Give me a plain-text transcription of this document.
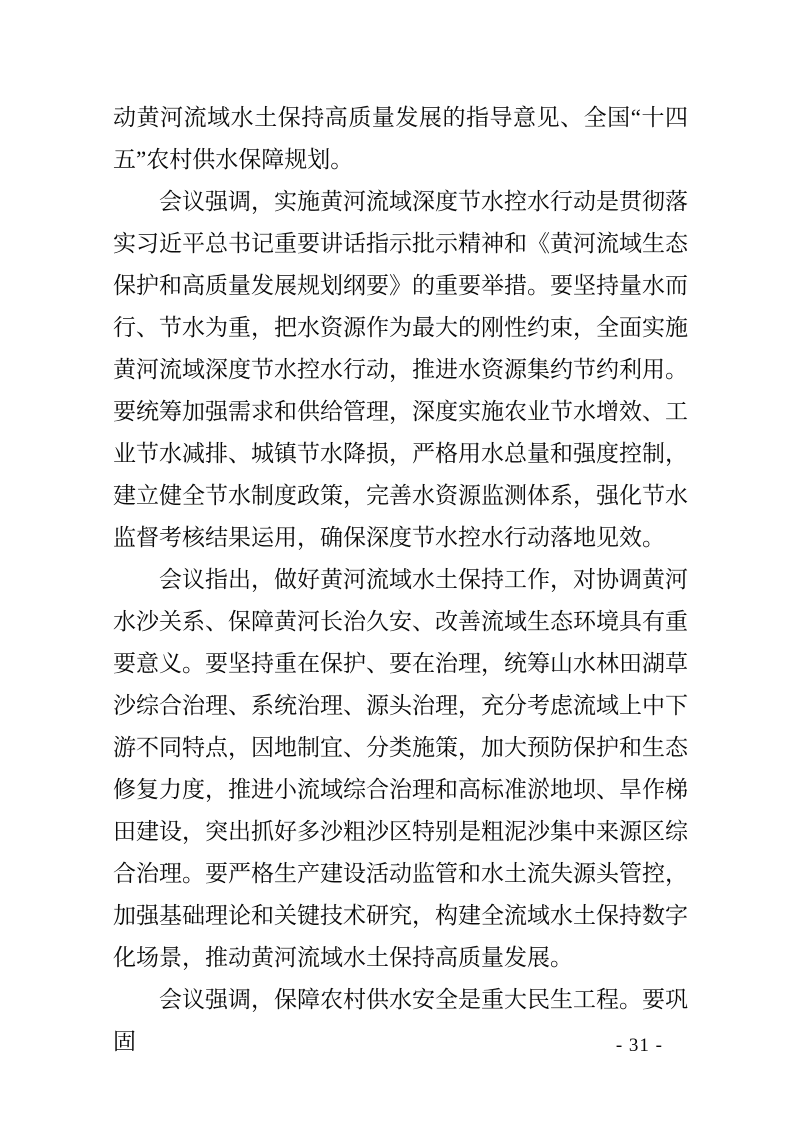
动黄河流域水土保持高质量发展的指导意见、全国“十四五”农村供水保障规划。

会议强调，实施黄河流域深度节水控水行动是贯彻落实习近平总书记重要讲话指示批示精神和《黄河流域生态保护和高质量发展规划纲要》的重要举措。要坚持量水而行、节水为重，把水资源作为最大的刚性约束，全面实施黄河流域深度节水控水行动，推进水资源集约节约利用。要统筹加强需求和供给管理，深度实施农业节水增效、工业节水减排、城镇节水降损，严格用水总量和强度控制，建立健全节水制度政策，完善水资源监测体系，强化节水监督考核结果运用，确保深度节水控水行动落地见效。

会议指出，做好黄河流域水土保持工作，对协调黄河水沙关系、保障黄河长治久安、改善流域生态环境具有重要意义。要坚持重在保护、要在治理，统筹山水林田湖草沙综合治理、系统治理、源头治理，充分考虑流域上中下游不同特点，因地制宜、分类施策，加大预防保护和生态修复力度，推进小流域综合治理和高标准淤地坝、旱作梯田建设，突出抓好多沙粗沙区特别是粗泥沙集中来源区综合治理。要严格生产建设活动监管和水土流失源头管控，加强基础理论和关键技术研究，构建全流域水土保持数字化场景，推动黄河流域水土保持高质量发展。

会议强调，保障农村供水安全是重大民生工程。要巩固	- 31 -
